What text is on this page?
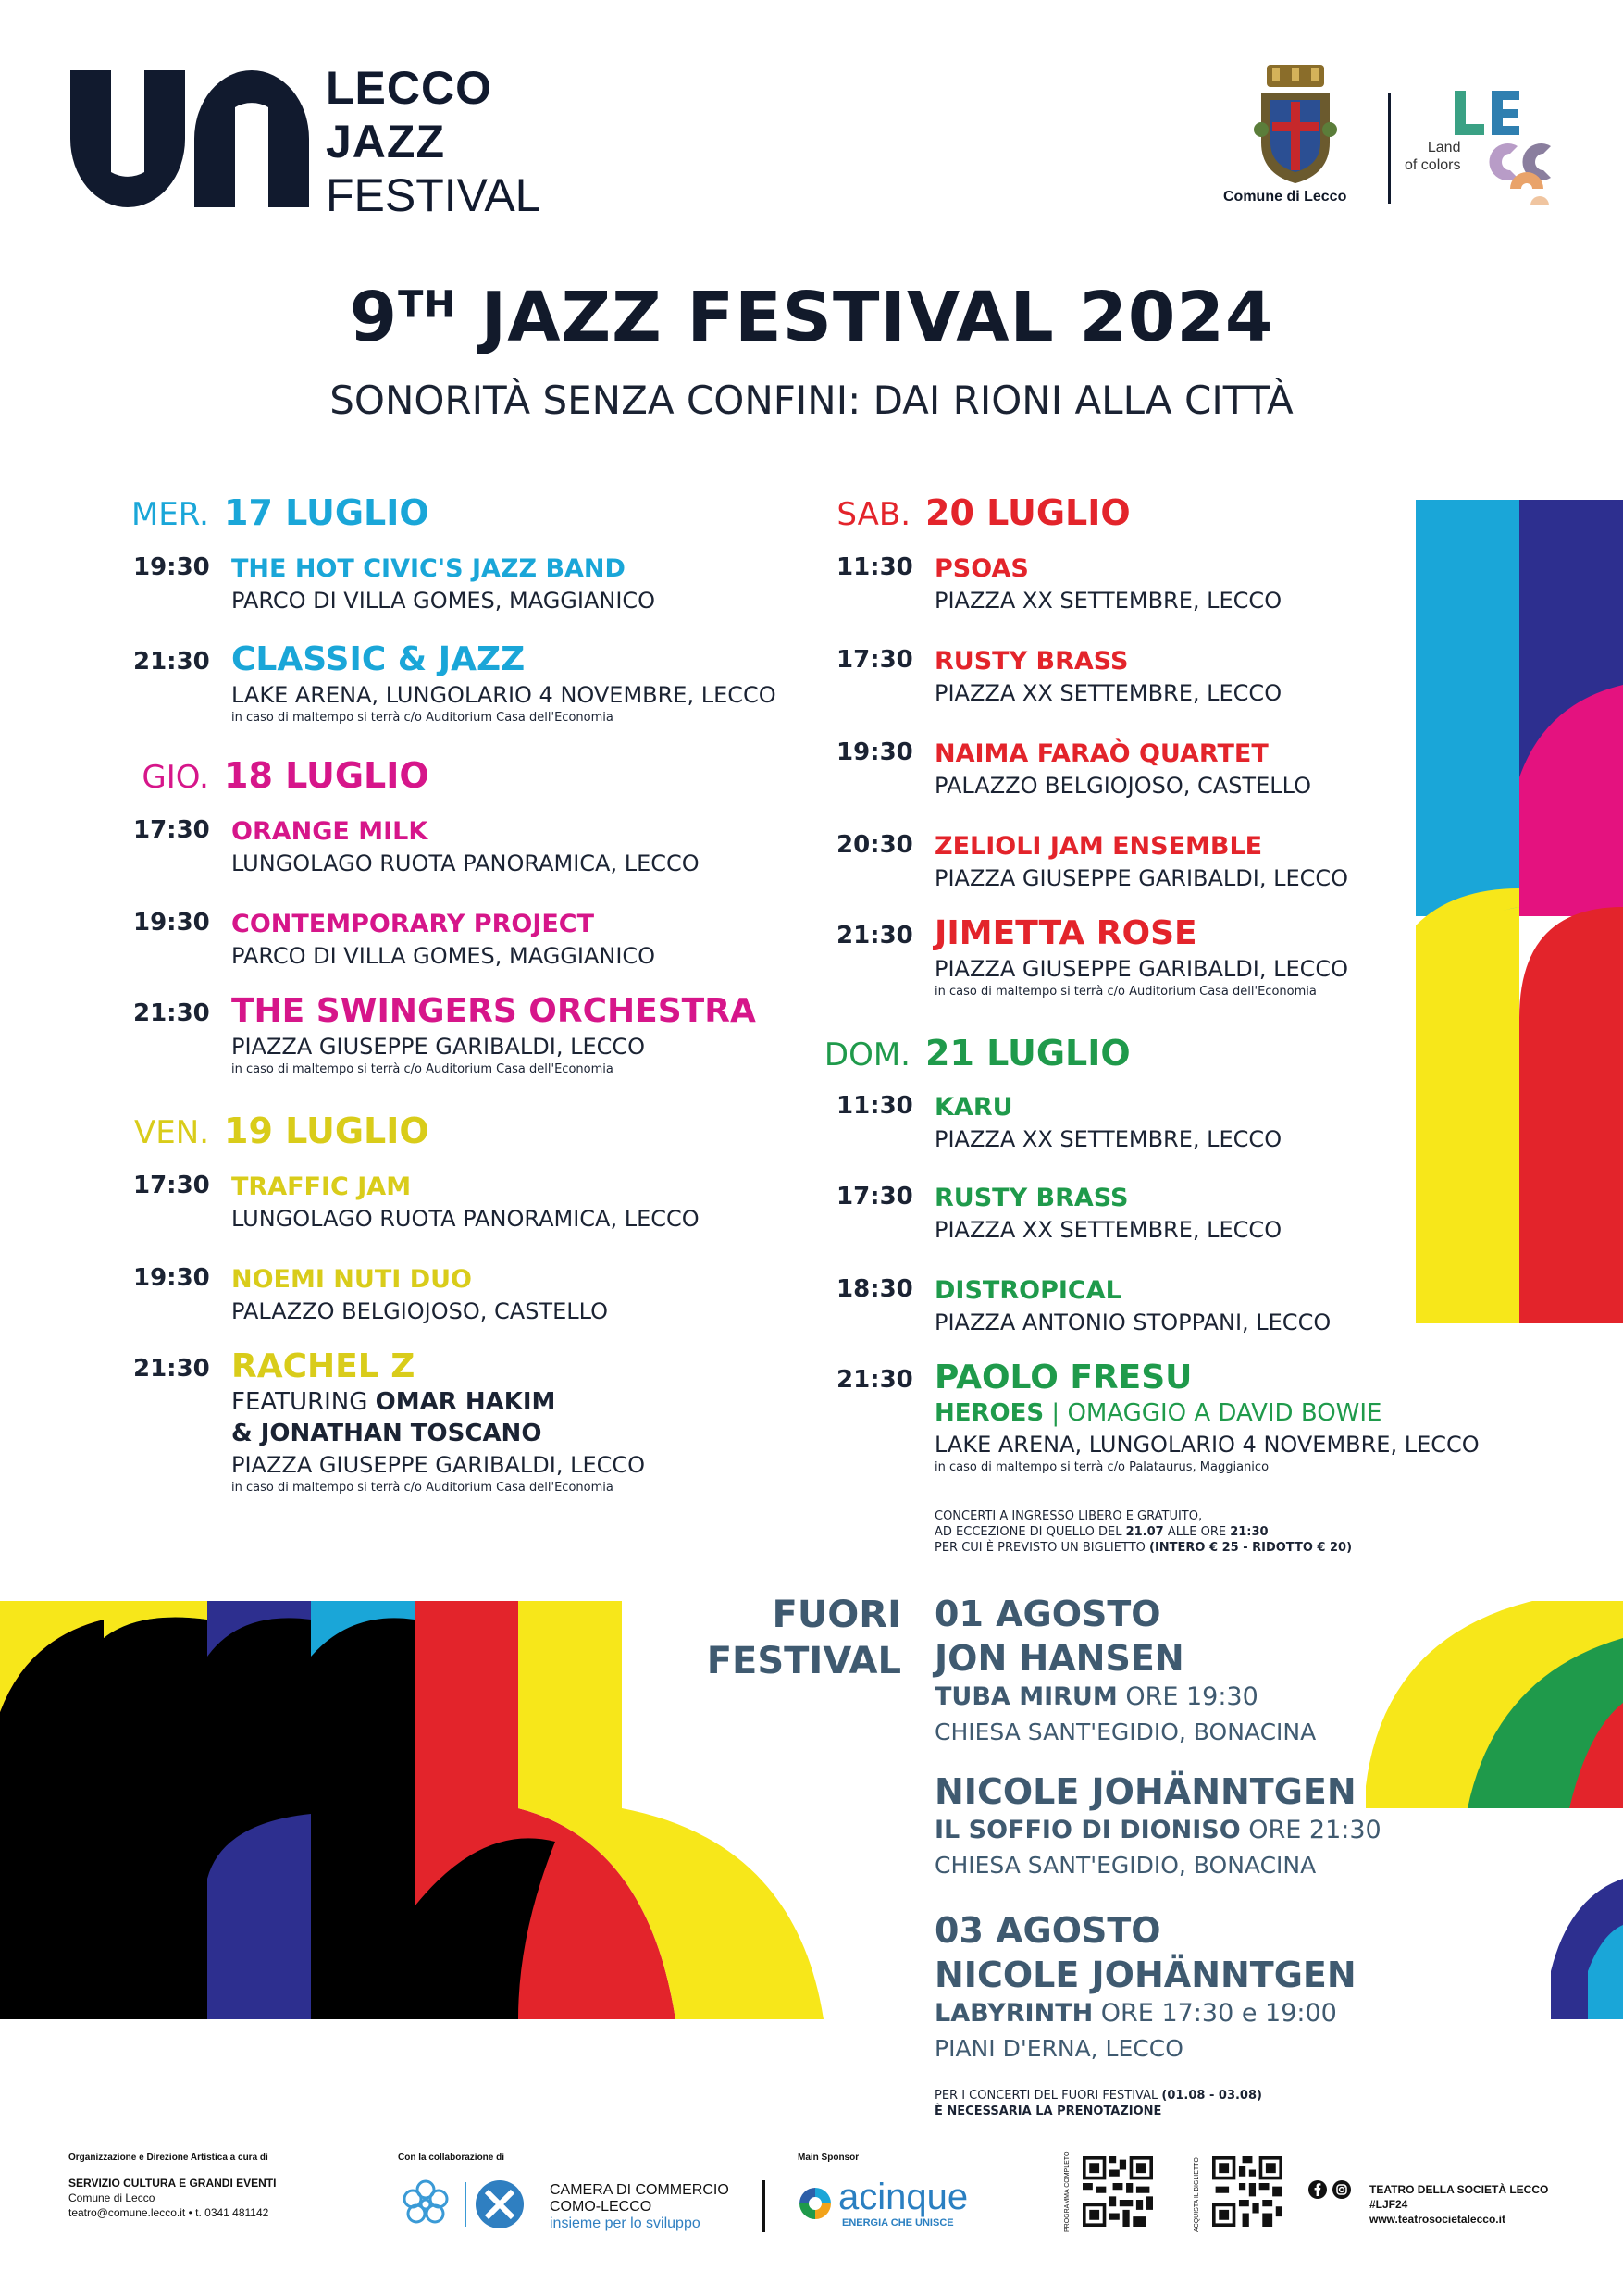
LECCO
JAZZ
FESTIVAL	Comune di Lecco
Land
of colors
9TH JAZZ FESTIVAL 2024
SONORITÀ SENZA CONFINI: DAI RIONI ALLA CITTÀ
MER. 17 LUGLIO
19:30 THE HOT CIVIC'S JAZZ BAND
PARCO DI VILLA GOMES, MAGGIANICO
21:30 CLASSIC & JAZZ
LAKE ARENA, LUNGOLARIO 4 NOVEMBRE, LECCO
in caso di maltempo si terrà c/o Auditorium Casa dell'Economia
GIO. 18 LUGLIO
17:30 ORANGE MILK
LUNGOLAGO RUOTA PANORAMICA, LECCO
19:30 CONTEMPORARY PROJECT
PARCO DI VILLA GOMES, MAGGIANICO
21:30 THE SWINGERS ORCHESTRA
PIAZZA GIUSEPPE GARIBALDI, LECCO
in caso di maltempo si terrà c/o Auditorium Casa dell'Economia
VEN. 19 LUGLIO
17:30 TRAFFIC JAM
LUNGOLAGO RUOTA PANORAMICA, LECCO
19:30 NOEMI NUTI DUO
PALAZZO BELGIOJOSO, CASTELLO
21:30 RACHEL Z
FEATURING OMAR HAKIM
& JONATHAN TOSCANO
PIAZZA GIUSEPPE GARIBALDI, LECCO
in caso di maltempo si terrà c/o Auditorium Casa dell'Economia
SAB. 20 LUGLIO
11:30 PSOAS
PIAZZA XX SETTEMBRE, LECCO
17:30 RUSTY BRASS
PIAZZA XX SETTEMBRE, LECCO
19:30 NAIMA FARAÒ QUARTET
PALAZZO BELGIOJOSO, CASTELLO
20:30 ZELIOLI JAM ENSEMBLE
PIAZZA GIUSEPPE GARIBALDI, LECCO
21:30 JIMETTA ROSE
PIAZZA GIUSEPPE GARIBALDI, LECCO
in caso di maltempo si terrà c/o Auditorium Casa dell'Economia
DOM. 21 LUGLIO
11:30 KARU
PIAZZA XX SETTEMBRE, LECCO
17:30 RUSTY BRASS
PIAZZA XX SETTEMBRE, LECCO
18:30 DISTROPICAL
PIAZZA ANTONIO STOPPANI, LECCO
21:30 PAOLO FRESU
HEROES | OMAGGIO A DAVID BOWIE
LAKE ARENA, LUNGOLARIO 4 NOVEMBRE, LECCO
in caso di maltempo si terrà c/o Palataurus, Maggianico
CONCERTI A INGRESSO LIBERO E GRATUITO,
AD ECCEZIONE DI QUELLO DEL 21.07 ALLE ORE 21:30
PER CUI È PREVISTO UN BIGLIETTO (INTERO € 25 - RIDOTTO € 20)
FUORI
FESTIVAL
01 AGOSTO
JON HANSEN
TUBA MIRUM ORE 19:30
CHIESA SANT'EGIDIO, BONACINA
NICOLE JOHÄNNTGEN
IL SOFFIO DI DIONISO ORE 21:30
CHIESA SANT'EGIDIO, BONACINA
03 AGOSTO
NICOLE JOHÄNNTGEN
LABYRINTH ORE 17:30 e 19:00
PIANI D'ERNA, LECCO
PER I CONCERTI DEL FUORI FESTIVAL (01.08 - 03.08)
È NECESSARIA LA PRENOTAZIONE
Organizzazione e Direzione Artistica a cura di
SERVIZIO CULTURA E GRANDI EVENTI
Comune di Lecco
teatro@comune.lecco.it • t. 0341 481142
Con la collaborazione di
CAMERA DI COMMERCIO
COMO-LECCO
insieme per lo sviluppo
Main Sponsor
acinque
ENERGIA CHE UNISCE	PROGRAMMA COMPLETO	ACQUISTA IL BIGLIETTO	TEATRO DELLA SOCIETÀ LECCO
#LJF24
www.teatrosocietalecco.it
